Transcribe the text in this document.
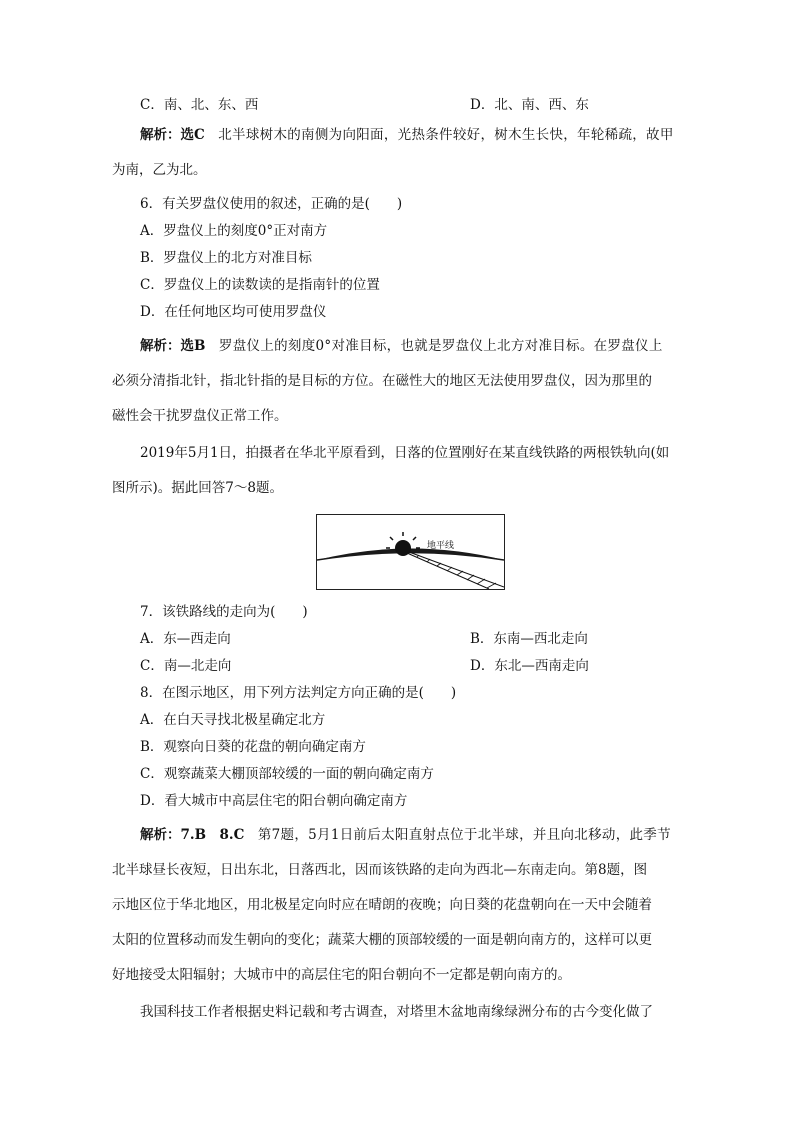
C．南、北、东、西	D．北、南、西、东
解析：选C　 北半球树木的南侧为向阳面，光热条件较好，树木生长快，年轮稀疏，故甲
为南，乙为北。
6．有关罗盘仪使用的叙述，正确的是(　　)
A．罗盘仪上的刻度0°正对南方
B．罗盘仪上的北方对准目标
C．罗盘仪上的读数读的是指南针的位置
D．在任何地区均可使用罗盘仪
解析：选B　 罗盘仪上的刻度0°对准目标，也就是罗盘仪上北方对准目标。在罗盘仪上
必须分清指北针，指北针指的是目标的方位。在磁性大的地区无法使用罗盘仪，因为那里的
磁性会干扰罗盘仪正常工作。
2019年5月1日，拍摄者在华北平原看到，日落的位置刚好在某直线铁路的两根铁轨向(如
图所示)。据此回答7～8题。
地平线
7．该铁路线的走向为(　　)
A．东—西走向	B．东南—西北走向
C．南—北走向	D．东北—西南走向
8．在图示地区，用下列方法判定方向正确的是(　　)
A．在白天寻找北极星确定北方
B．观察向日葵的花盘的朝向确定南方
C．观察蔬菜大棚顶部较缓的一面的朝向确定南方
D．看大城市中高层住宅的阳台朝向确定南方
解析：7.B　8.C　 第7题，5月1日前后太阳直射点位于北半球，并且向北移动，此季节
北半球昼长夜短，日出东北，日落西北，因而该铁路的走向为西北—东南走向。第8题，图
示地区位于华北地区，用北极星定向时应在晴朗的夜晚；向日葵的花盘朝向在一天中会随着
太阳的位置移动而发生朝向的变化；蔬菜大棚的顶部较缓的一面是朝向南方的，这样可以更
好地接受太阳辐射；大城市中的高层住宅的阳台朝向不一定都是朝向南方的。
我国科技工作者根据史料记载和考古调查，对塔里木盆地南缘绿洲分布的古今变化做了
